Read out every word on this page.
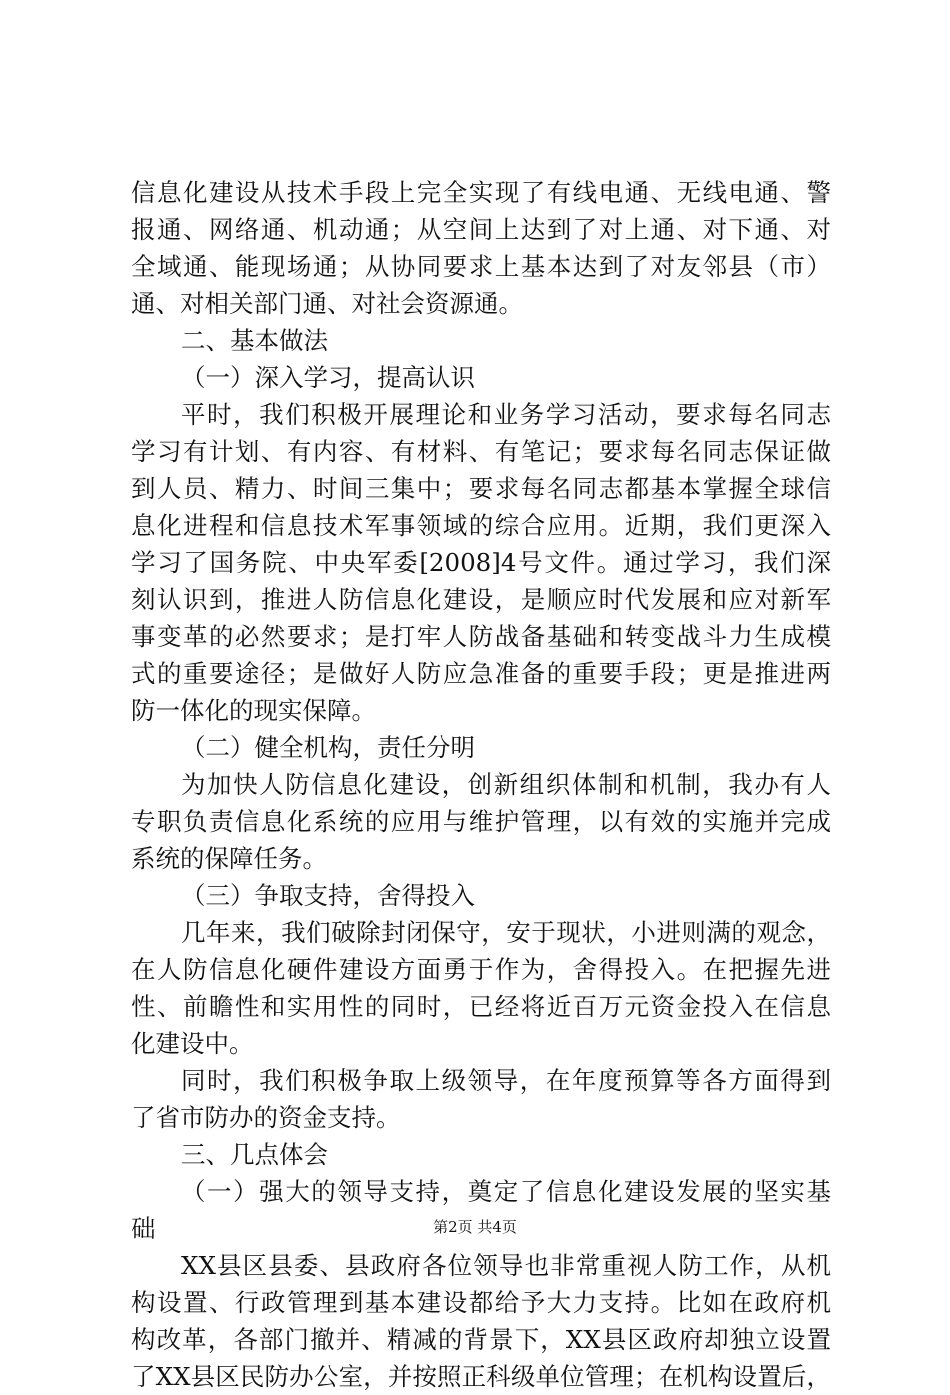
信息化建设从技术手段上完全实现了有线电通、无线电通、警
报通、网络通、机动通；从空间上达到了对上通、对下通、对
全域通、能现场通；从协同要求上基本达到了对友邻县（市）
通、对相关部门通、对社会资源通。
二、基本做法
（一）深入学习，提高认识
平时，我们积极开展理论和业务学习活动，要求每名同志
学习有计划、有内容、有材料、有笔记；要求每名同志保证做
到人员、精力、时间三集中；要求每名同志都基本掌握全球信
息化进程和信息技术军事领域的综合应用。近期，我们更深入
学习了国务院、中央军委[2008]4号文件。通过学习，我们深
刻认识到，推进人防信息化建设，是顺应时代发展和应对新军
事变革的必然要求；是打牢人防战备基础和转变战斗力生成模
式的重要途径；是做好人防应急准备的重要手段；更是推进两
防一体化的现实保障。
（二）健全机构，责任分明
为加快人防信息化建设，创新组织体制和机制，我办有人
专职负责信息化系统的应用与维护管理，以有效的实施并完成
系统的保障任务。
（三）争取支持，舍得投入
几年来，我们破除封闭保守，安于现状，小进则满的观念，
在人防信息化硬件建设方面勇于作为，舍得投入。在把握先进
性、前瞻性和实用性的同时，已经将近百万元资金投入在信息
化建设中。
同时，我们积极争取上级领导，在年度预算等各方面得到
了省市防办的资金支持。
三、几点体会
（一）强大的领导支持，奠定了信息化建设发展的坚实基
础
XX县区县委、县政府各位领导也非常重视人防工作，从机
构设置、行政管理到基本建设都给予大力支持。比如在政府机
构改革，各部门撤并、精减的背景下，XX县区政府却独立设置
了XX县区民防办公室，并按照正科级单位管理；在机构设置后，
第2页 共4页
